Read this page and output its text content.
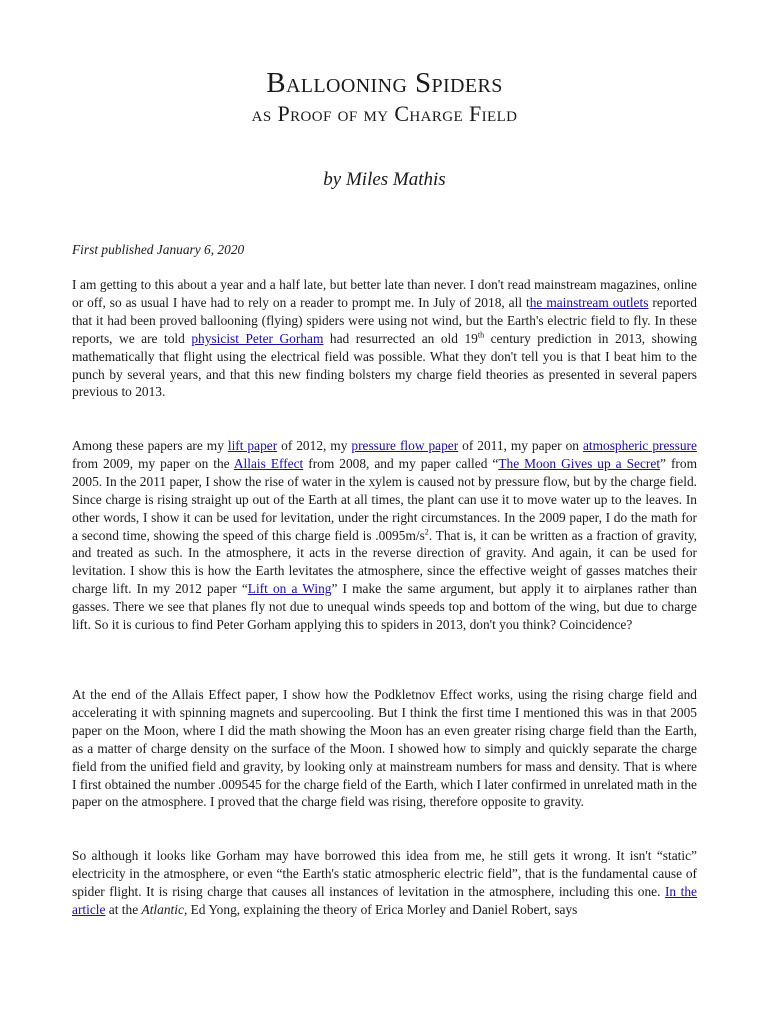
Ballooning Spiders
as Proof of my Charge Field
by Miles Mathis
First published January 6, 2020

I am getting to this about a year and a half late, but better late than never. I don't read mainstream magazines, online or off, so as usual I have had to rely on a reader to prompt me. In July of 2018, all the mainstream outlets reported that it had been proved ballooning (flying) spiders were using not wind, but the Earth's electric field to fly. In these reports, we are told physicist Peter Gorham had resurrected an old 19th century prediction in 2013, showing mathematically that flight using the electrical field was possible. What they don't tell you is that I beat him to the punch by several years, and that this new finding bolsters my charge field theories as presented in several papers previous to 2013.

Among these papers are my lift paper of 2012, my pressure flow paper of 2011, my paper on atmospheric pressure from 2009, my paper on the Allais Effect from 2008, and my paper called “The Moon Gives up a Secret” from 2005. In the 2011 paper, I show the rise of water in the xylem is caused not by pressure flow, but by the charge field. Since charge is rising straight up out of the Earth at all times, the plant can use it to move water up to the leaves. In other words, I show it can be used for levitation, under the right circumstances. In the 2009 paper, I do the math for a second time, showing the speed of this charge field is $.0095m/s^2$. That is, it can be written as a fraction of gravity, and treated as such. In the atmosphere, it acts in the reverse direction of gravity. And again, it can be used for levitation. I show this is how the Earth levitates the atmosphere, since the effective weight of gasses matches their charge lift. In my 2012 paper “Lift on a Wing” I make the same argument, but apply it to airplanes rather than gasses. There we see that planes fly not due to unequal winds speeds top and bottom of the wing, but due to charge lift. So it is curious to find Peter Gorham applying this to spiders in 2013, don't you think? Coincidence?

At the end of the Allais Effect paper, I show how the Podkletnov Effect works, using the rising charge field and accelerating it with spinning magnets and supercooling. But I think the first time I mentioned this was in that 2005 paper on the Moon, where I did the math showing the Moon has an even greater rising charge field than the Earth, as a matter of charge density on the surface of the Moon. I showed how to simply and quickly separate the charge field from the unified field and gravity, by looking only at mainstream numbers for mass and density. That is where I first obtained the number .009545 for the charge field of the Earth, which I later confirmed in unrelated math in the paper on the atmosphere. I proved that the charge field was rising, therefore opposite to gravity.

So although it looks like Gorham may have borrowed this idea from me, he still gets it wrong. It isn't “static” electricity in the atmosphere, or even “the Earth's static atmospheric electric field”, that is the fundamental cause of spider flight. It is rising charge that causes all instances of levitation in the atmosphere, including this one. In the article at the Atlantic, Ed Yong, explaining the theory of Erica Morley and Daniel Robert, says
